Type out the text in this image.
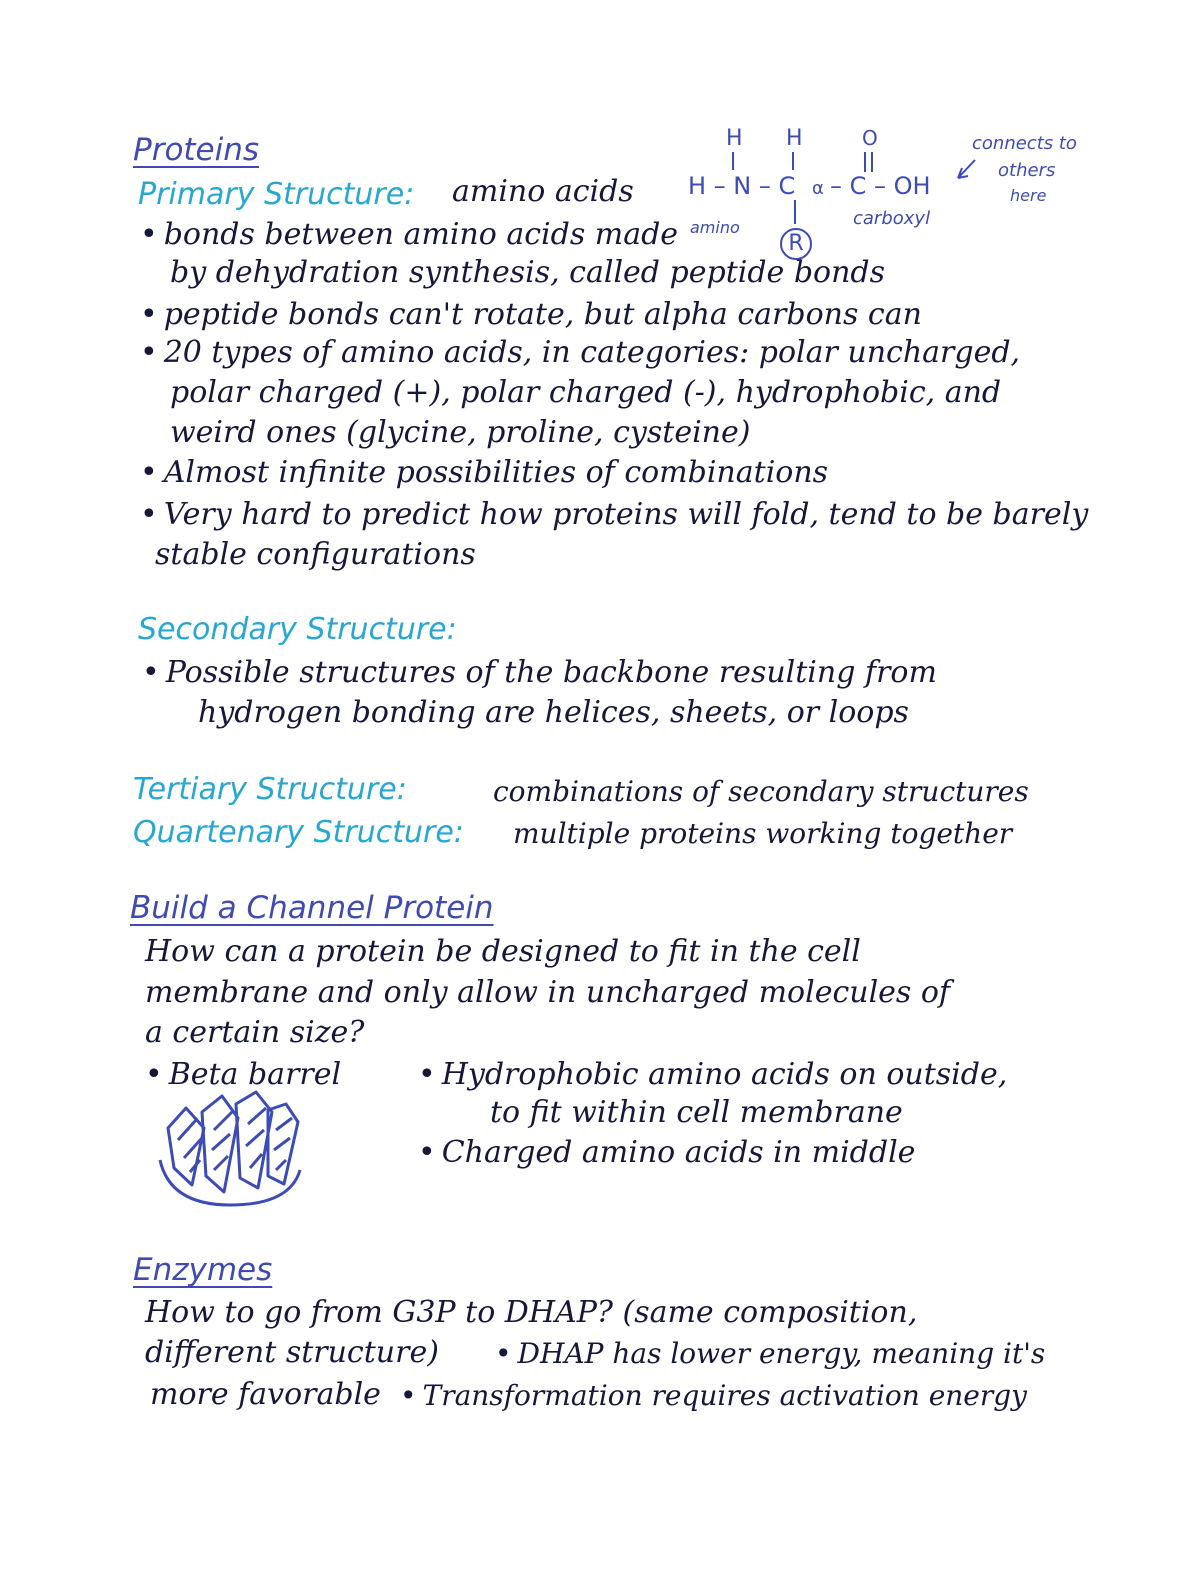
Proteins
Primary Structure: amino acids
• bonds between amino acids made
by dehydration synthesis, called peptide bonds
• peptide bonds can't rotate, but alpha carbons can
• 20 types of amino acids, in categories: polar uncharged,
polar charged (+), polar charged (-), hydrophobic, and
weird ones (glycine, proline, cysteine)
• Almost infinite possibilities of combinations
• Very hard to predict how proteins will fold, tend to be barely
stable configurations
H H	O
H – N – C α – C – OH
amino
R
carboxyl
connects to
others
here
Secondary Structure:
• Possible structures of the backbone resulting from
hydrogen bonding are helices, sheets, or loops
Tertiary Structure:	combinations of secondary structures
Quartenary Structure: multiple proteins working together
Build a Channel Protein
How can a protein be designed to fit in the cell
membrane and only allow in uncharged molecules of
a certain size?
• Beta barrel	• Hydrophobic amino acids on outside,
to fit within cell membrane
• Charged amino acids in middle
Enzymes
How to go from G3P to DHAP? (same composition,
different structure)	• DHAP has lower energy, meaning it's
more favorable	• Transformation requires activation energy
